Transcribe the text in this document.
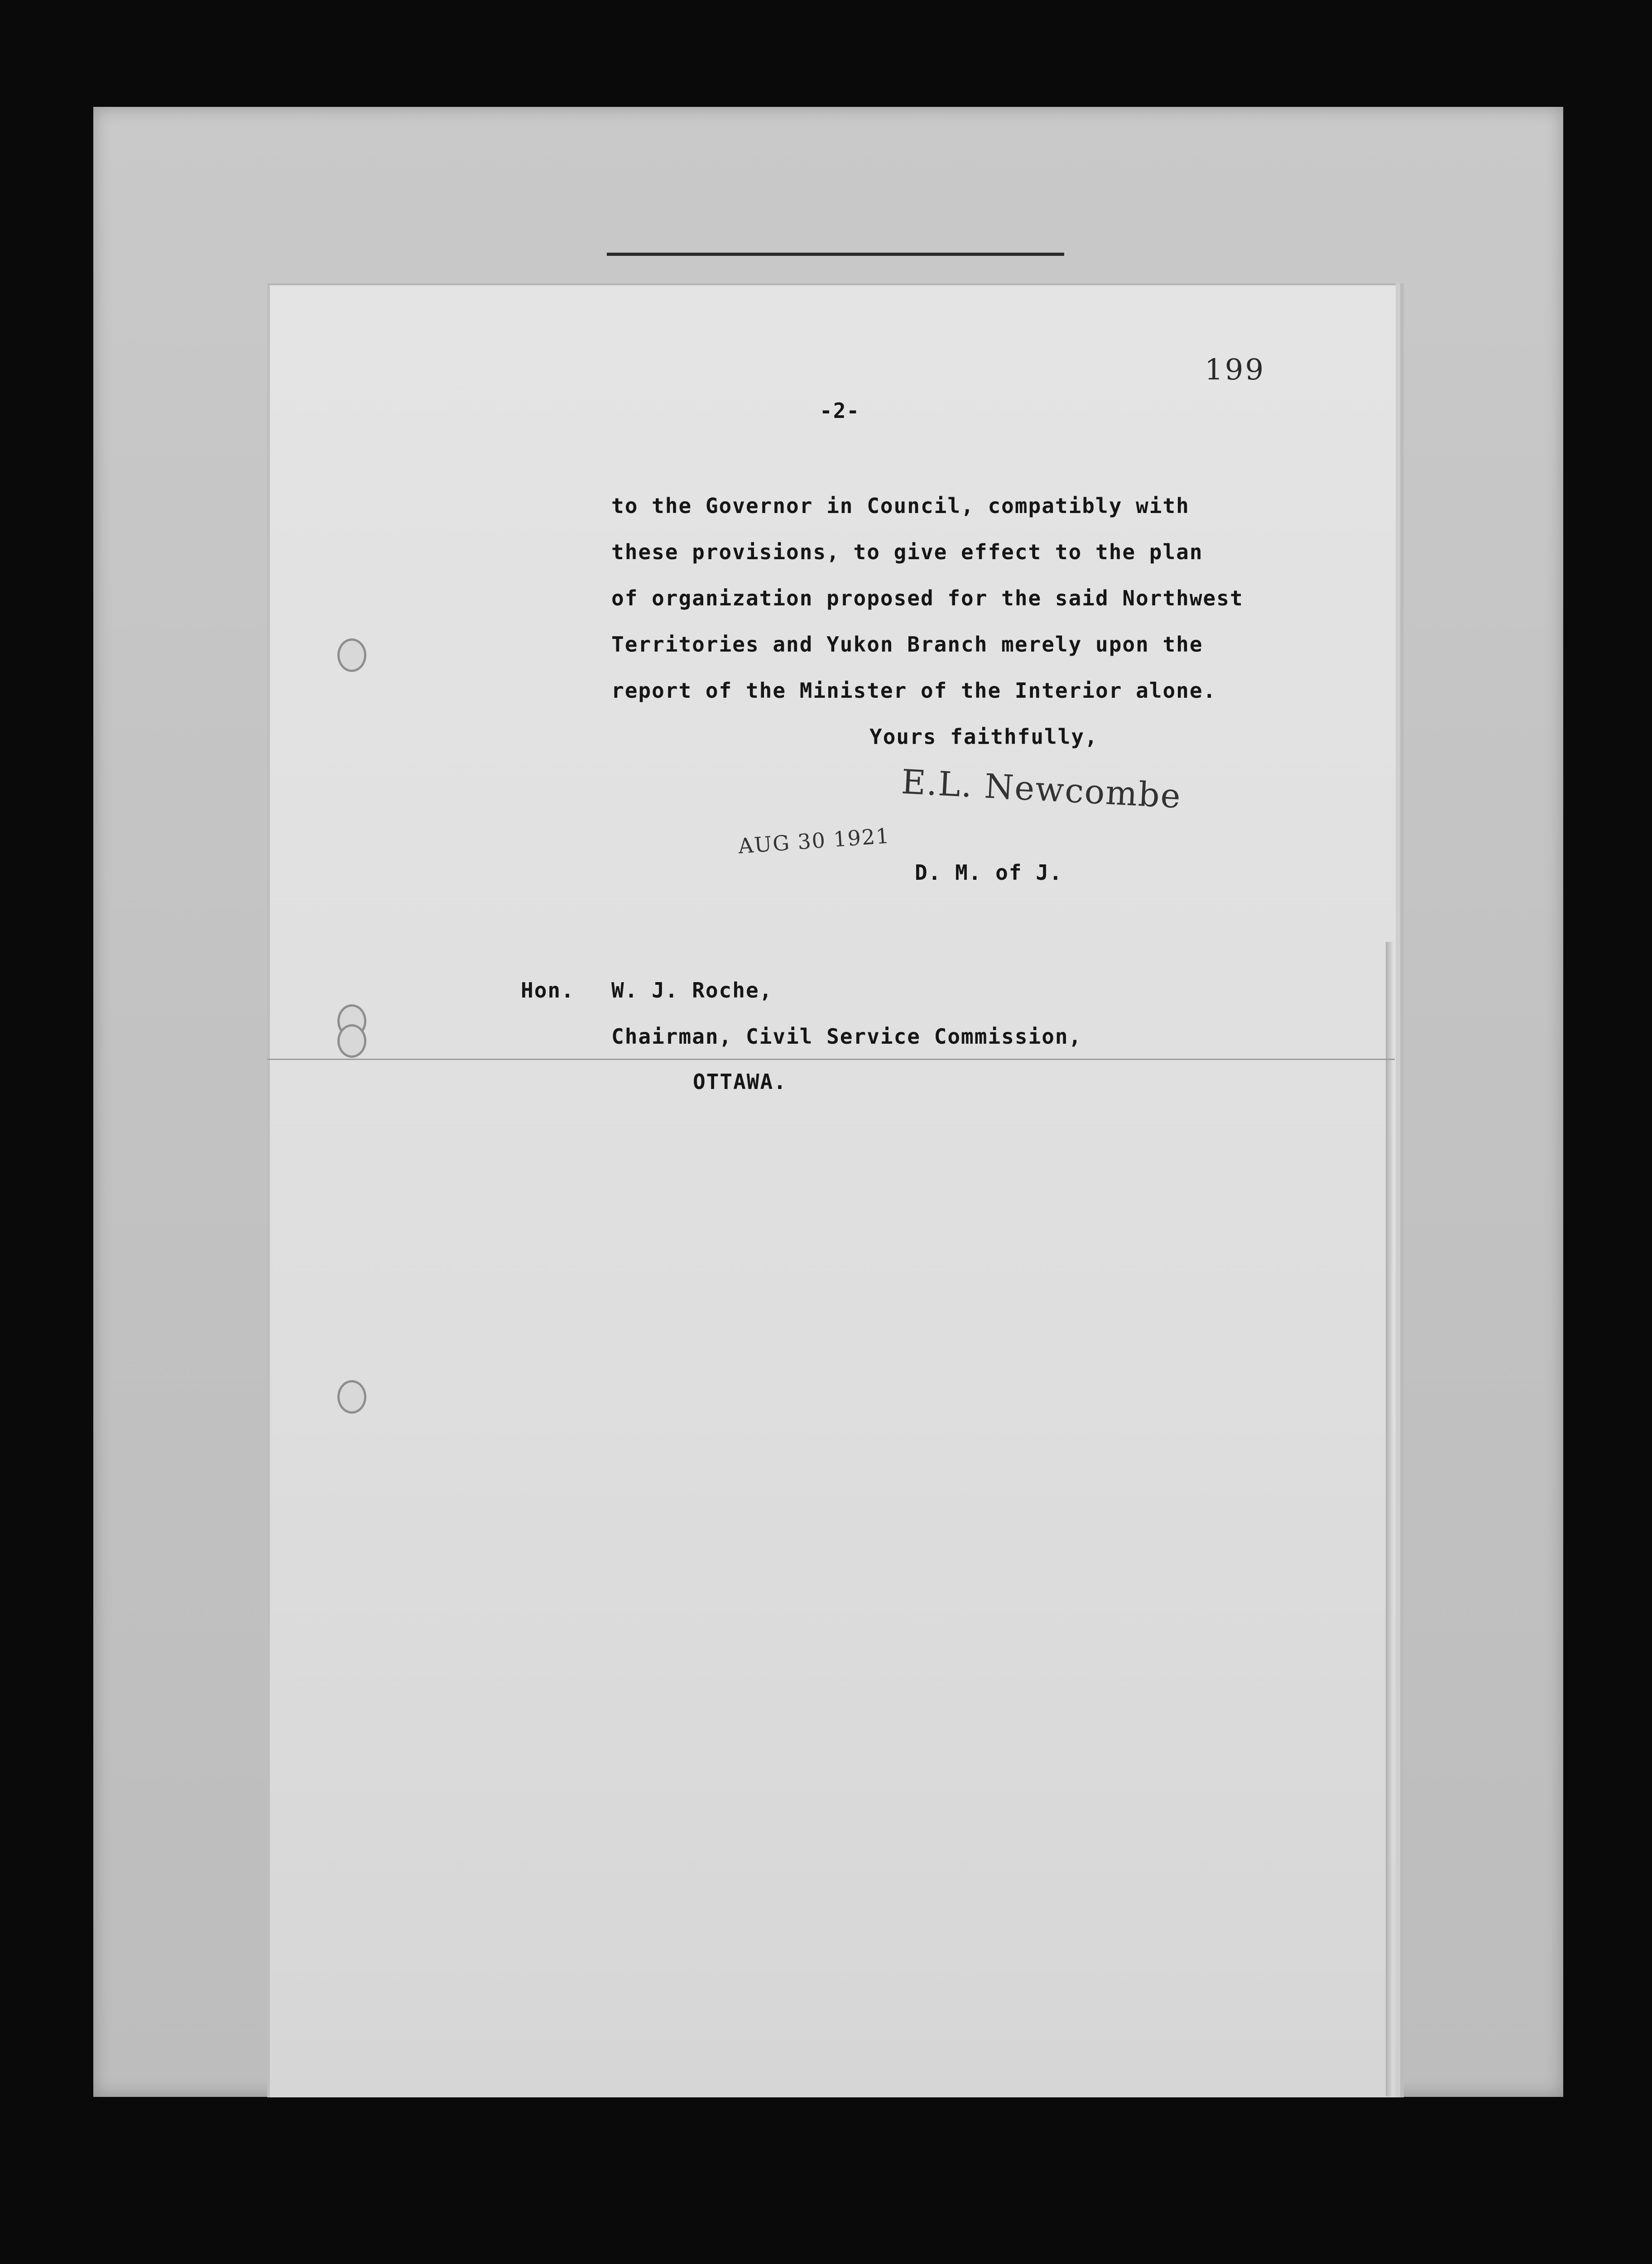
199
-2-
to the Governor in Council, compatibly with
these provisions, to give effect to the plan
of organization proposed for the said Northwest
Territories and Yukon Branch merely upon the
report of the Minister of the Interior alone.
Yours faithfully,
E.L. Newcombe
AUG 30 1921
D. M. of J.
Hon. W. J. Roche,
Chairman, Civil Service Commission,
OTTAWA.
